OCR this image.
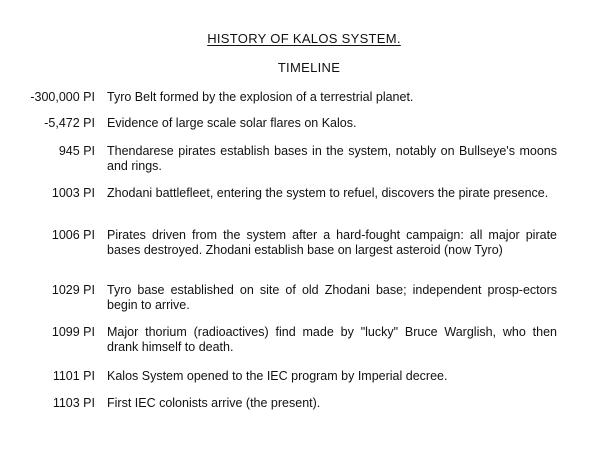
HISTORY OF KALOS SYSTEM.
TIMELINE
-300,000 PI Tyro Belt formed by the explosion of a terrestrial planet.
-5,472 PI Evidence of large scale solar flares on Kalos.
945 PI Thendarese pirates establish bases in the system, notably on Bullseye's moons and rings.
1003 PI Zhodani battlefleet, entering the system to refuel, discovers the pirate presence.
1006 PI Pirates driven from the system after a hard-fought campaign: all major pirate bases destroyed. Zhodani establish base on largest asteroid (now Tyro)
1029 PI Tyro base established on site of old Zhodani base; independent prosp-ectors begin to arrive.
1099 PI Major thorium (radioactives) find made by "lucky" Bruce Warglish, who then drank himself to death.
1101 PI Kalos System opened to the IEC program by Imperial decree.
1103 PI First IEC colonists arrive (the present).
